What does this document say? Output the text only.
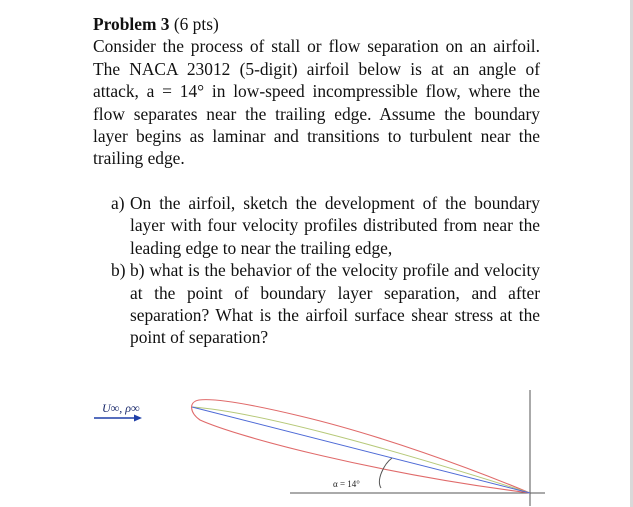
Problem 3 (6 pts)
Consider the process of stall or flow separation on an airfoil. The NACA 23012 (5-digit) airfoil below is at an angle of attack, a = 14° in low-speed incompressible flow, where the flow separates near the trailing edge. Assume the boundary layer begins as laminar and transitions to turbulent near the trailing edge.
a) On the airfoil, sketch the development of the boundary layer with four velocity profiles distributed from near the leading edge to near the trailing edge,
b) b) what is the behavior of the velocity profile and velocity at the point of boundary layer separation, and after separation? What is the airfoil surface shear stress at the point of separation?
U∞, ρ∞
α = 14°
